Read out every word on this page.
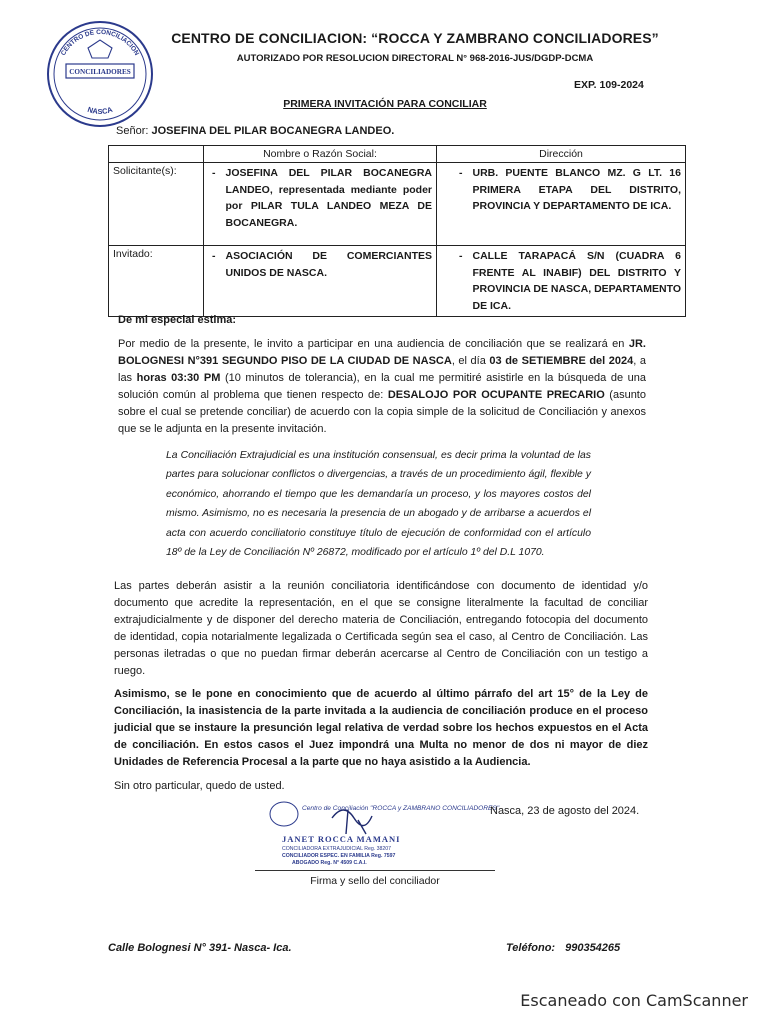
CENTRO DE CONCILIACION
CONCILIADORES
NASCA
CENTRO DE CONCILIACION: “ROCCA Y ZAMBRANO CONCILIADORES”
AUTORIZADO POR RESOLUCION DIRECTORAL N° 968-2016-JUS/DGDP-DCMA
EXP. 109-2024
PRIMERA INVITACIÓN PARA CONCILIAR
Señor: JOSEFINA DEL PILAR BOCANEGRA LANDEO.
	Nombre o Razón Social:	Dirección
Solicitante(s):	- JOSEFINA DEL PILAR BOCANEGRA LANDEO, representada mediante poder por PILAR TULA LANDEO MEZA DE BOCANEGRA.	- URB. PUENTE BLANCO MZ. G LT. 16 PRIMERA ETAPA DEL DISTRITO, PROVINCIA Y DEPARTAMENTO DE ICA.

Invitado:	- ASOCIACIÓN DE COMERCIANTES UNIDOS DE NASCA.	- CALLE TARAPACÁ S/N (CUADRA 6 FRENTE AL INABIF) DEL DISTRITO Y PROVINCIA DE NASCA, DEPARTAMENTO DE ICA.
De mi especial estima:
Por medio de la presente, le invito a participar en una audiencia de conciliación que se realizará en JR. BOLOGNESI N°391 SEGUNDO PISO DE LA CIUDAD DE NASCA, el día 03 de SETIEMBRE del 2024, a las horas 03:30 PM (10 minutos de tolerancia), en la cual me permitiré asistirle en la búsqueda de una solución común al problema que tienen respecto de: DESALOJO POR OCUPANTE PRECARIO (asunto sobre el cual se pretende conciliar) de acuerdo con la copia simple de la solicitud de Conciliación y anexos que se le adjunta en la presente invitación.
La Conciliación Extrajudicial es una institución consensual, es decir prima la voluntad de las partes para solucionar conflictos o divergencias, a través de un procedimiento ágil, flexible y económico, ahorrando el tiempo que les demandaría un proceso, y los mayores costos del mismo. Asimismo, no es necesaria la presencia de un abogado y de arribarse a acuerdos el acta con acuerdo conciliatorio constituye título de ejecución de conformidad con el artículo 18º de la Ley de Conciliación Nº 26872, modificado por el artículo 1º del D.L 1070.
Las partes deberán asistir a la reunión conciliatoria identificándose con documento de identidad y/o documento que acredite la representación, en el que se consigne literalmente la facultad de conciliar extrajudicialmente y de disponer del derecho materia de Conciliación, entregando fotocopia del documento de identidad, copia notarialmente legalizada o Certificada según sea el caso, al Centro de Conciliación. Las personas iletradas o que no puedan firmar deberán acercarse al Centro de Conciliación con un testigo a ruego.
Asimismo, se le pone en conocimiento que de acuerdo al último párrafo del art 15° de la Ley de Conciliación, la inasistencia de la parte invitada a la audiencia de conciliación produce en el proceso judicial que se instaure la presunción legal relativa de verdad sobre los hechos expuestos en el Acta de conciliación. En estos casos el Juez impondrá una Multa no menor de dos ni mayor de diez Unidades de Referencia Procesal a la parte que no haya asistido a la Audiencia.
Sin otro particular, quedo de usted.
Centro de Conciliación "ROCCA y ZAMBRANO CONCILIADORES"
JANET ROCCA MAMANI
CONCILIADORA EXTRAJUDICIAL Reg. 38207
CONCILIADOR ESPEC. EN FAMILIA Reg. 7597
ABOGADO Reg. N° 4509 C.A.I.
Nasca, 23 de agosto del 2024.
Firma y sello del conciliador
Calle Bolognesi N° 391- Nasca- Ica.	Teléfono: 990354265
Escaneado con CamScanner
